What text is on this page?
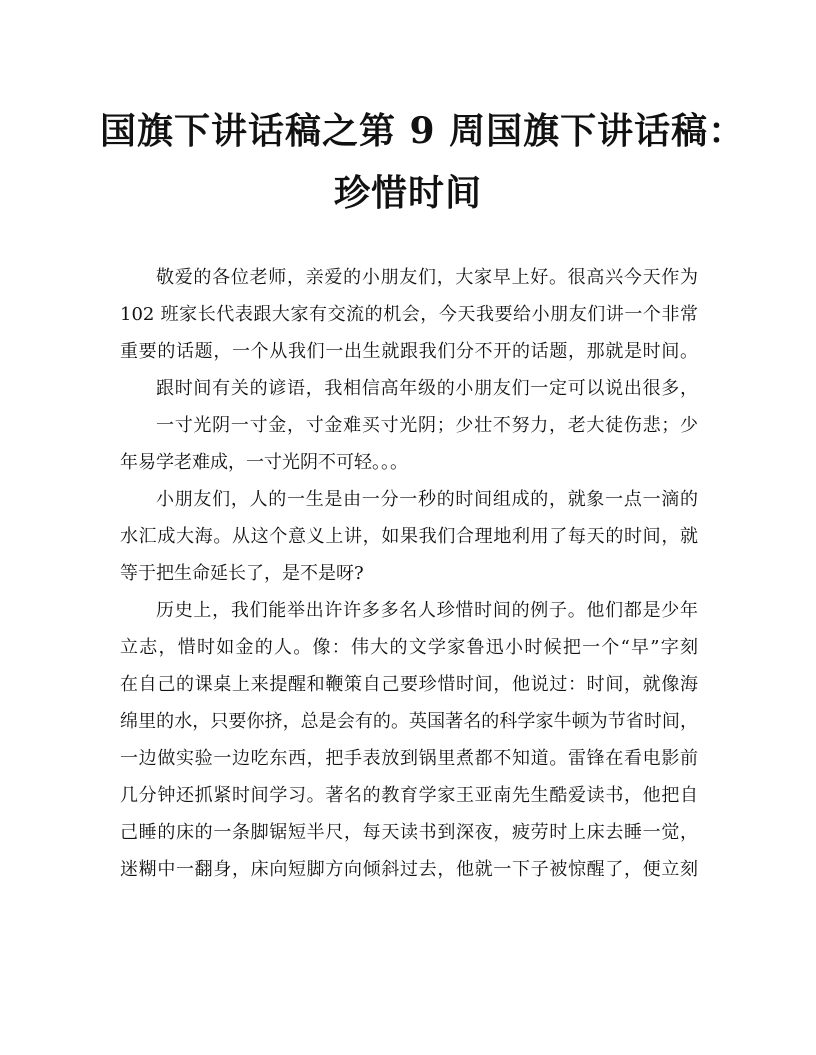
国旗下讲话稿之第 9 周国旗下讲话稿：
珍惜时间
敬爱的各位老师，亲爱的小朋友们，大家早上好。很高兴今天作为
102 班家长代表跟大家有交流的机会，今天我要给小朋友们讲一个非常
重要的话题，一个从我们一出生就跟我们分不开的话题，那就是时间。
跟时间有关的谚语，我相信高年级的小朋友们一定可以说出很多，
一寸光阴一寸金，寸金难买寸光阴；少壮不努力，老大徒伤悲；少
年易学老难成，一寸光阴不可轻。。。
小朋友们，人的一生是由一分一秒的时间组成的，就象一点一滴的
水汇成大海。从这个意义上讲，如果我们合理地利用了每天的时间，就
等于把生命延长了，是不是呀?
历史上，我们能举出许许多多名人珍惜时间的例子。他们都是少年
立志，惜时如金的人。像：伟大的文学家鲁迅小时候把一个“早”字刻
在自己的课桌上来提醒和鞭策自己要珍惜时间，他说过：时间，就像海
绵里的水，只要你挤，总是会有的。英国著名的科学家牛顿为节省时间，
一边做实验一边吃东西，把手表放到锅里煮都不知道。雷锋在看电影前
几分钟还抓紧时间学习。著名的教育学家王亚南先生酷爱读书，他把自
己睡的床的一条脚锯短半尺，每天读书到深夜，疲劳时上床去睡一觉，
迷糊中一翻身，床向短脚方向倾斜过去，他就一下子被惊醒了，便立刻
